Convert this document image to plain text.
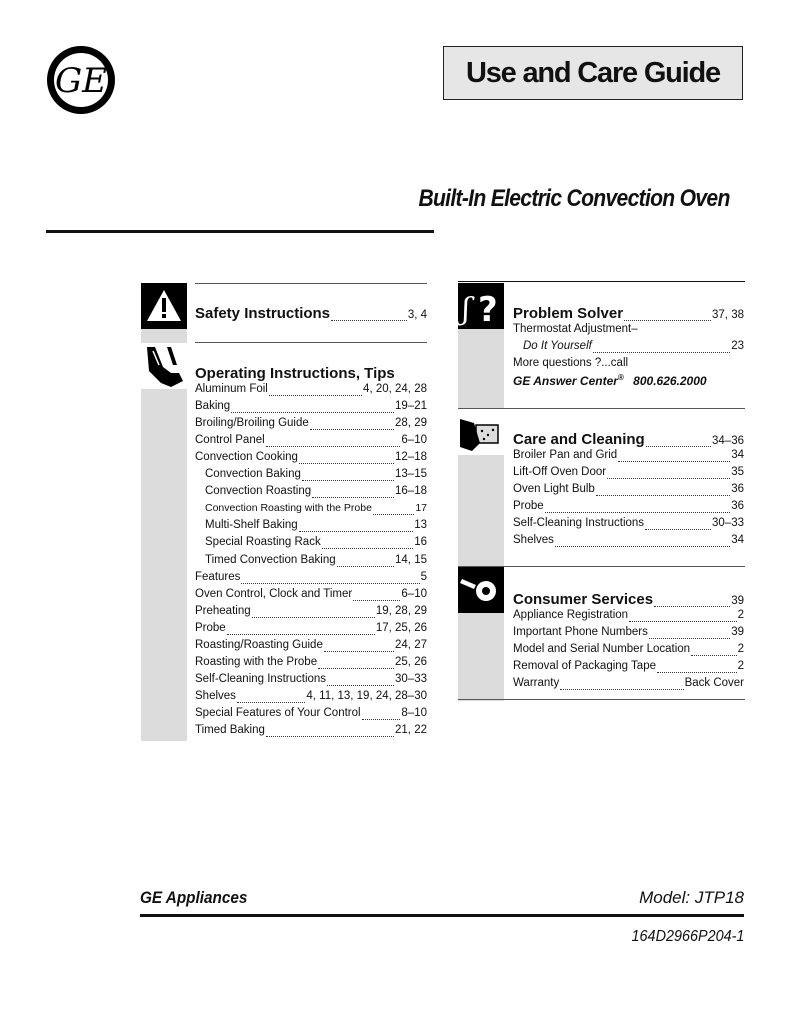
GE	Use and Care Guide
Built-In Electric Convection Oven
Safety Instructions	3, 4
Operating Instructions, Tips
Aluminum Foil	4, 20, 24, 28
Baking	19–21
Broiling/Broiling Guide	28, 29
Control Panel	6–10
Convection Cooking	12–18
Convection Baking	13–15
Convection Roasting	16–18
Convection Roasting with the Probe	17
Multi-Shelf Baking	13
Special Roasting Rack	16
Timed Convection Baking	14, 15
Features	5
Oven Control, Clock and Timer	6–10
Preheating	19, 28, 29
Probe	17, 25, 26
Roasting/Roasting Guide	24, 27
Roasting with the Probe	25, 26
Self-Cleaning Instructions	30–33
Shelves	4, 11, 13, 19, 24, 28–30
Special Features of Your Control	8–10
Timed Baking	21, 22
ʃ ? Problem Solver	37, 38
Thermostat Adjustment–
Do It Yourself	23
More questions ?...call
GE Answer Center® 800.626.2000
Care and Cleaning	34–36
Broiler Pan and Grid	34
Lift-Off Oven Door	35
Oven Light Bulb	36
Probe	36
Self-Cleaning Instructions	30–33
Shelves	34
Consumer Services	39
Appliance Registration	2
Important Phone Numbers	39
Model and Serial Number Location	2
Removal of Packaging Tape	2
Warranty	Back Cover
GE Appliances	Model: JTP18
164D2966P204-1
